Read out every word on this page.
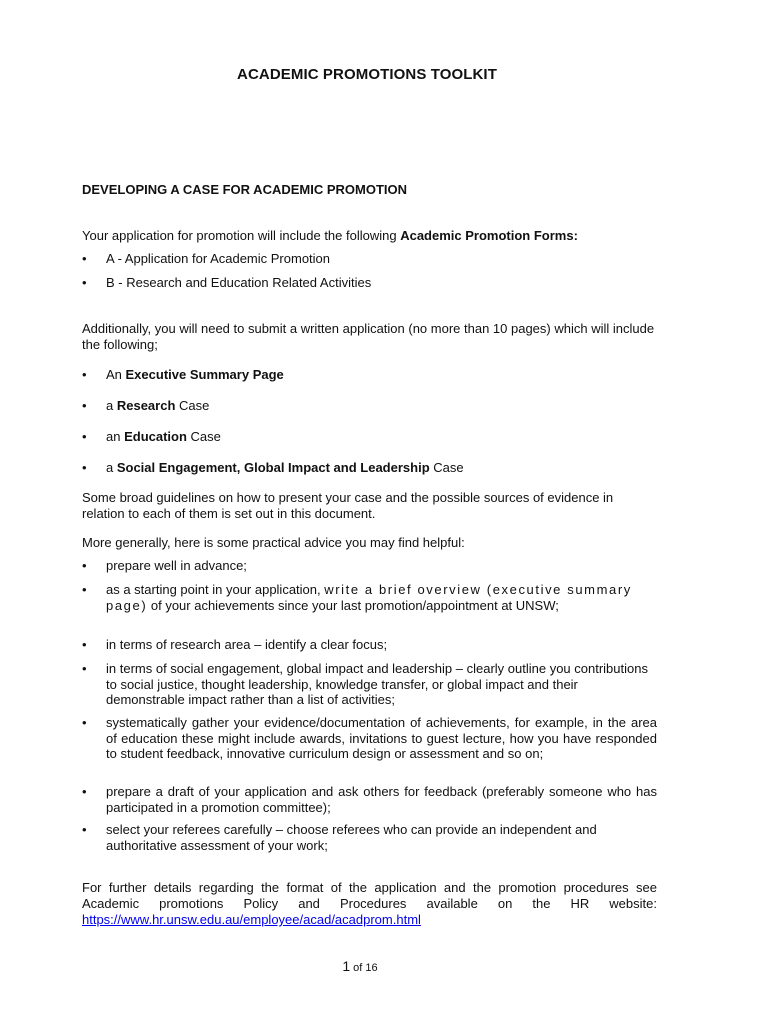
ACADEMIC PROMOTIONS TOOLKIT
DEVELOPING A CASE FOR ACADEMIC PROMOTION
Your application for promotion will include the following Academic Promotion Forms:
• A - Application for Academic Promotion
• B - Research and Education Related Activities
Additionally, you will need to submit a written application (no more than 10 pages) which will include the following;
• An Executive Summary Page
• a Research Case
• an Education Case
• a Social Engagement, Global Impact and Leadership Case
Some broad guidelines on how to present your case and the possible sources of evidence in relation to each of them is set out in this document.
More generally, here is some practical advice you may find helpful:
• prepare well in advance;
• as a starting point in your application, write a brief overview (executive summary page) of your achievements since your last promotion/appointment at UNSW;
• in terms of research area – identify a clear focus;
• in terms of social engagement, global impact and leadership – clearly outline you contributions to social justice, thought leadership, knowledge transfer, or global impact and their demonstrable impact rather than a list of activities;
• systematically gather your evidence/documentation of achievements, for example, in the area of education these might include awards, invitations to guest lecture, how you have responded to student feedback, innovative curriculum design or assessment and so on;
• prepare a draft of your application and ask others for feedback (preferably someone who has participated in a promotion committee);
• select your referees carefully – choose referees who can provide an independent and authoritative assessment of your work;
For further details regarding the format of the application and the promotion procedures see Academic promotions Policy and Procedures available on the HR website: https://www.hr.unsw.edu.au/employee/acad/acadprom.html
1 of 16
